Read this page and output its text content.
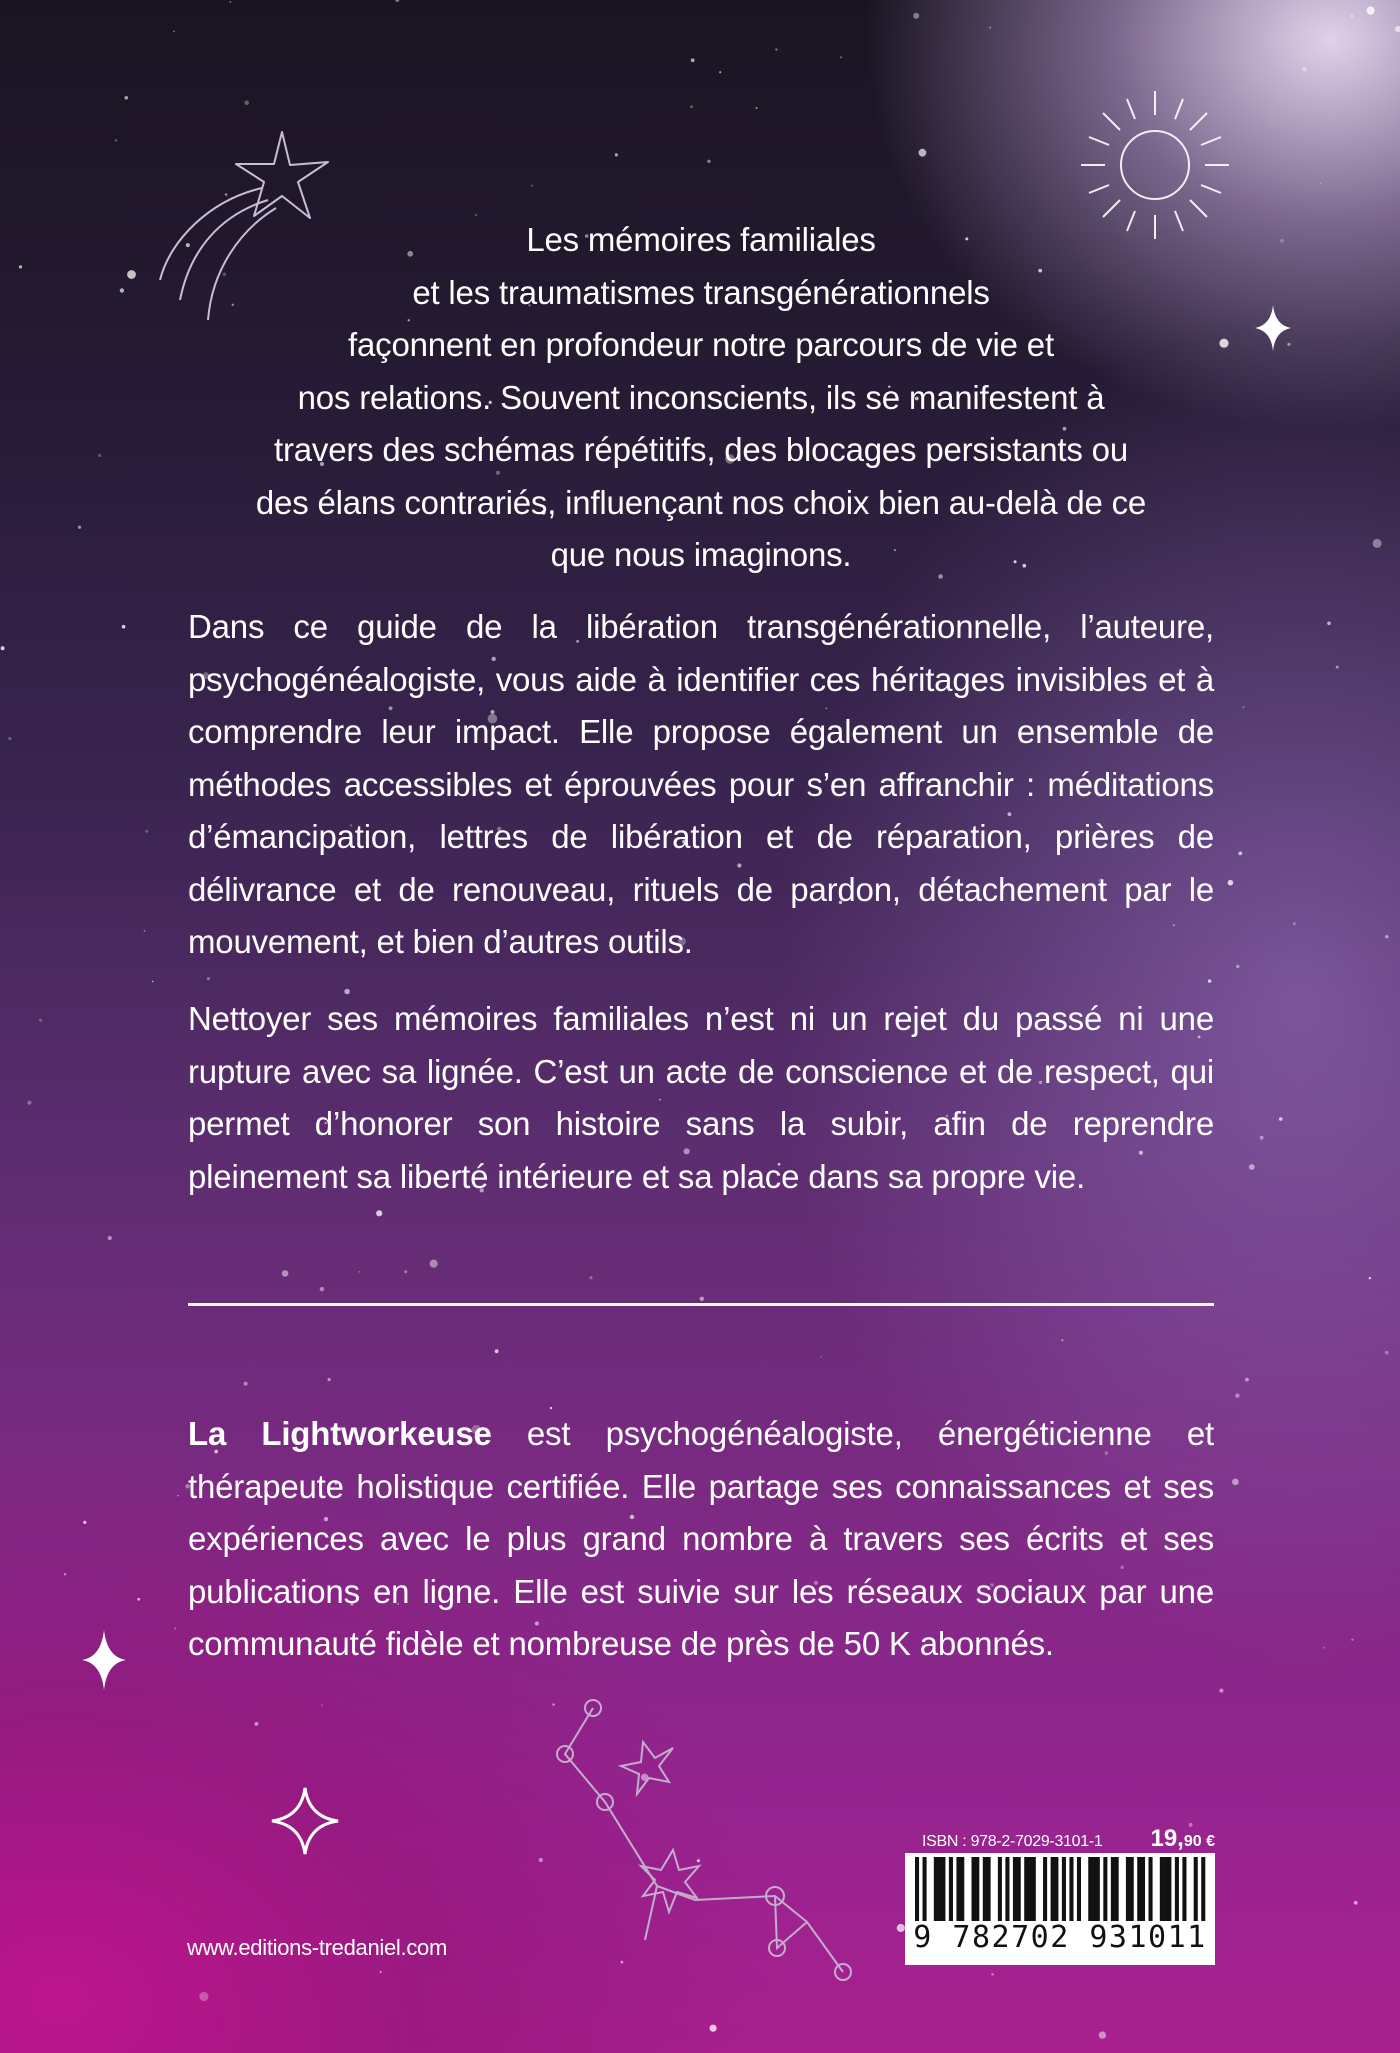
Les mémoires familiales

et les traumatismes transgénérationnels

façonnent en profondeur notre parcours de vie et

nos relations. Souvent inconscients, ils se manifestent à

travers des schémas répétitifs, des blocages persistants ou

des élans contrariés, influençant nos choix bien au-delà de ce

que nous imaginons.

Dans ce guide de la libération transgénérationnelle, l’auteure, psychogénéalogiste, vous aide à identifier ces héritages invisibles et à comprendre leur impact. Elle propose également un ensemble de méthodes accessibles et éprouvées pour s’en affranchir : méditations d’émancipation, lettres de libération et de réparation, prières de délivrance et de renouveau, rituels de pardon, détachement par le mouvement, et bien d’autres outils.

Nettoyer ses mémoires familiales n’est ni un rejet du passé ni une rupture avec sa lignée. C’est un acte de conscience et de respect, qui permet d’honorer son histoire sans la subir, afin de reprendre pleinement sa liberté intérieure et sa place dans sa propre vie.

La Lightworkeuse est psychogénéalogiste, énergéticienne et thérapeute holistique certifiée. Elle partage ses connaissances et ses expériences avec le plus grand nombre à travers ses écrits et ses publications en ligne. Elle est suivie sur les réseaux sociaux par une communauté fidèle et nombreuse de près de 50 K abonnés.

www.editions-tredaniel.com
ISBN : 978-2-7029-3101-1 19,90 €
9 782702 931011
